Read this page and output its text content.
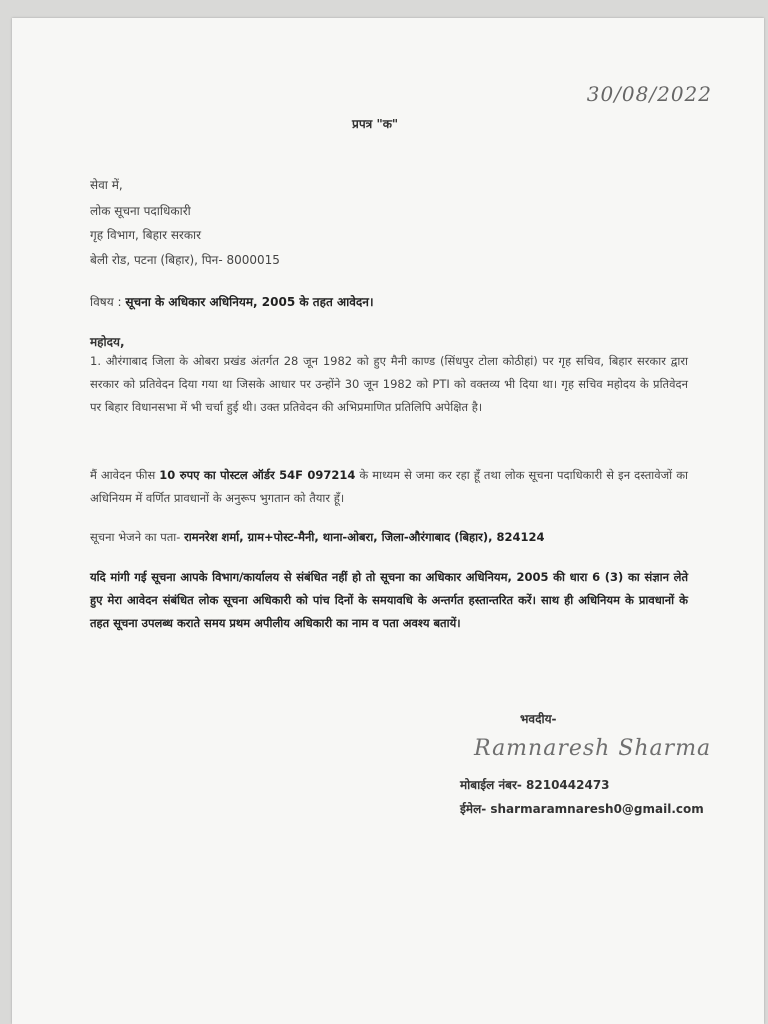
30/08/2022
प्रपत्र "क"
सेवा में,
लोक सूचना पदाधिकारी
गृह विभाग, बिहार सरकार
बेली रोड, पटना (बिहार), पिन- 8000015
विषय : सूचना के अधिकार अधिनियम, 2005 के तहत आवेदन।
महोदय,
1. औरंगाबाद जिला के ओबरा प्रखंड अंतर्गत 28 जून 1982 को हुए मैनी काण्ड (सिंधपुर टोला कोठीहां) पर गृह सचिव, बिहार सरकार द्वारा सरकार को प्रतिवेदन दिया गया था जिसके आधार पर उन्होंने 30 जून 1982 को PTI को वक्तव्य भी दिया था। गृह सचिव महोदय के प्रतिवेदन पर बिहार विधानसभा में भी चर्चा हुई थी। उक्त प्रतिवेदन की अभिप्रमाणित प्रतिलिपि अपेक्षित है।
मैं आवेदन फीस 10 रुपए का पोस्टल ऑर्डर 54F 097214 के माध्यम से जमा कर रहा हूँ तथा लोक सूचना पदाधिकारी से इन दस्तावेजों का अधिनियम में वर्णित प्रावधानों के अनुरूप भुगतान को तैयार हूँ।
सूचना भेजने का पता- रामनरेश शर्मा, ग्राम+पोस्ट-मैनी, थाना-ओबरा, जिला-औरंगाबाद (बिहार), 824124
यदि मांगी गई सूचना आपके विभाग/कार्यालय से संबंधित नहीं हो तो सूचना का अधिकार अधिनियम, 2005 की धारा 6 (3) का संज्ञान लेते हुए मेरा आवेदन संबंधित लोक सूचना अधिकारी को पांच दिनों के समयावधि के अन्तर्गत हस्तान्तरित करें। साथ ही अधिनियम के प्रावधानों के तहत सूचना उपलब्ध कराते समय प्रथम अपीलीय अधिकारी का नाम व पता अवश्य बतायें।
भवदीय-
Ramnaresh Sharma
मोबाईल नंबर- 8210442473
ईमेल- sharmaramnaresh0@gmail.com
